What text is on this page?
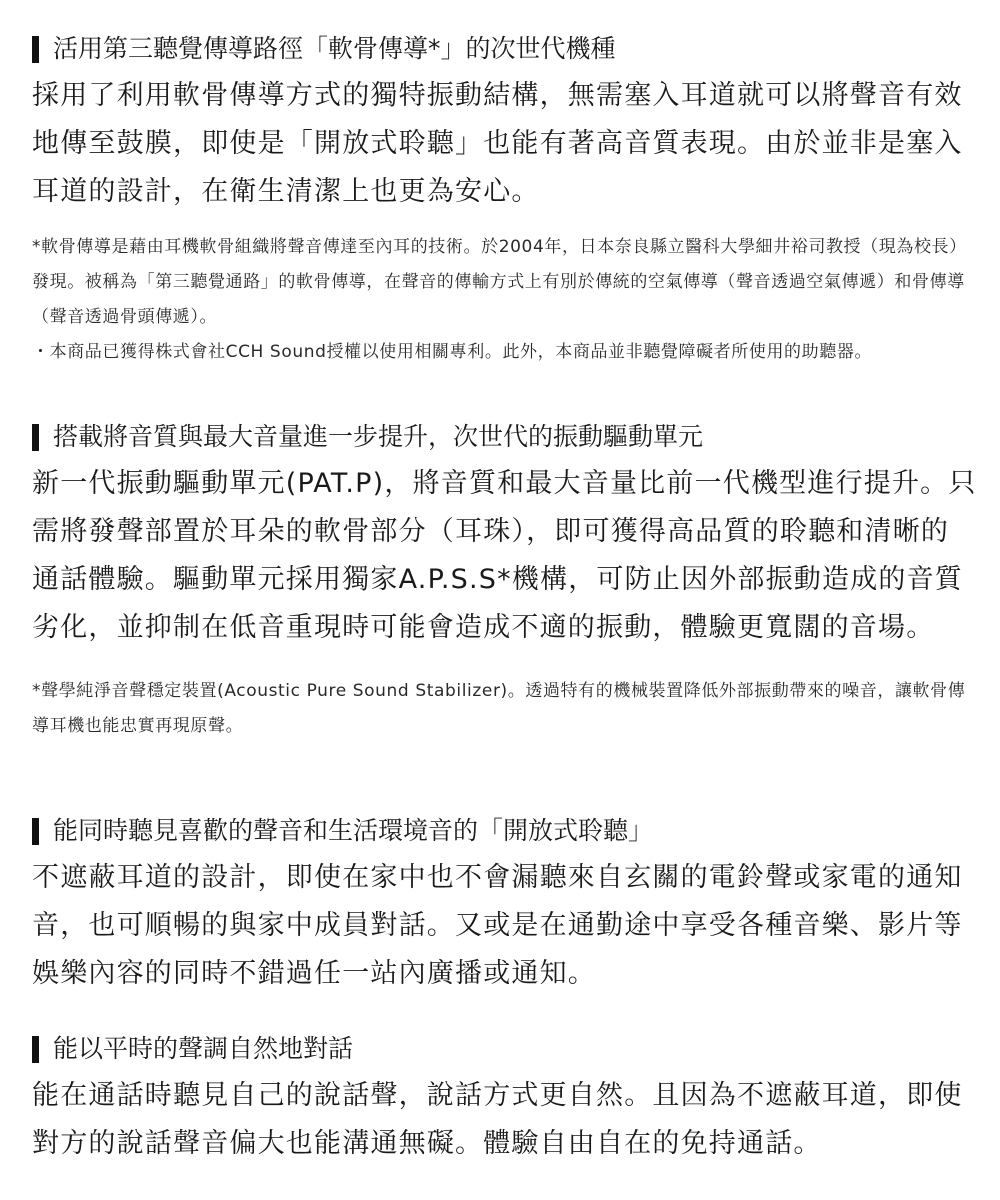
活用第三聽覺傳導路徑「軟骨傳導*」的次世代機種

採用了利用軟骨傳導方式的獨特振動結構，無需塞入耳道就可以將聲音有效地傳至鼓膜，即使是「開放式聆聽」也能有著高音質表現。由於並非是塞入耳道的設計，在衛生清潔上也更為安心。

*軟骨傳導是藉由耳機軟骨組織將聲音傳達至內耳的技術。於2004年，日本奈良縣立醫科大學細井裕司教授（現為校長）發現。被稱為「第三聽覺通路」的軟骨傳導，在聲音的傳輸方式上有別於傳統的空氣傳導（聲音透過空氣傳遞）和骨傳導（聲音透過骨頭傳遞）。

・本商品已獲得株式會社CCH Sound授權以使用相關專利。此外，本商品並非聽覺障礙者所使用的助聽器。

搭載將音質與最大音量進一步提升，次世代的振動驅動單元

新一代振動驅動單元(PAT.P)，將音質和最大音量比前一代機型進行提升。只需將發聲部置於耳朵的軟骨部分（耳珠），即可獲得高品質的聆聽和清晰的通話體驗。驅動單元採用獨家A.P.S.S*機構，可防止因外部振動造成的音質劣化，並抑制在低音重現時可能會造成不適的振動，體驗更寬闊的音場。

*聲學純淨音聲穩定裝置(Acoustic Pure Sound Stabilizer)。透過特有的機械裝置降低外部振動帶來的噪音，讓軟骨傳導耳機也能忠實再現原聲。

能同時聽見喜歡的聲音和生活環境音的「開放式聆聽」

不遮蔽耳道的設計，即使在家中也不會漏聽來自玄關的電鈴聲或家電的通知音，也可順暢的與家中成員對話。又或是在通勤途中享受各種音樂、影片等娛樂內容的同時不錯過任一站內廣播或通知。

能以平時的聲調自然地對話

能在通話時聽見自己的說話聲，說話方式更自然。且因為不遮蔽耳道，即使對方的說話聲音偏大也能溝通無礙。體驗自由自在的免持通話。
